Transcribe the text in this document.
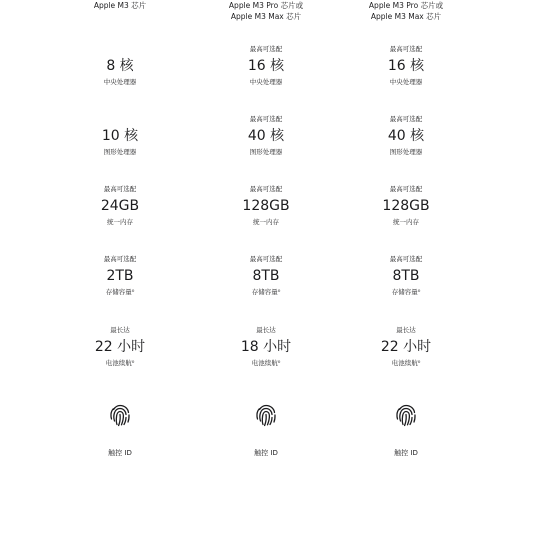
Apple M3 芯片
8 核
中央处理器
10 核
图形处理器
最高可选配
24GB
统一内存
最高可选配
2TB
存储容量⁰
最长达
22 小时
电池续航⁰
触控 ID
Apple M3 Pro 芯片或
Apple M3 Max 芯片
最高可选配
16 核
中央处理器
最高可选配
40 核
图形处理器
最高可选配
128GB
统一内存
最高可选配
8TB
存储容量⁰
最长达
18 小时
电池续航⁰
触控 ID
Apple M3 Pro 芯片或
Apple M3 Max 芯片
最高可选配
16 核
中央处理器
最高可选配
40 核
图形处理器
最高可选配
128GB
统一内存
最高可选配
8TB
存储容量⁰
最长达
22 小时
电池续航⁰
触控 ID
